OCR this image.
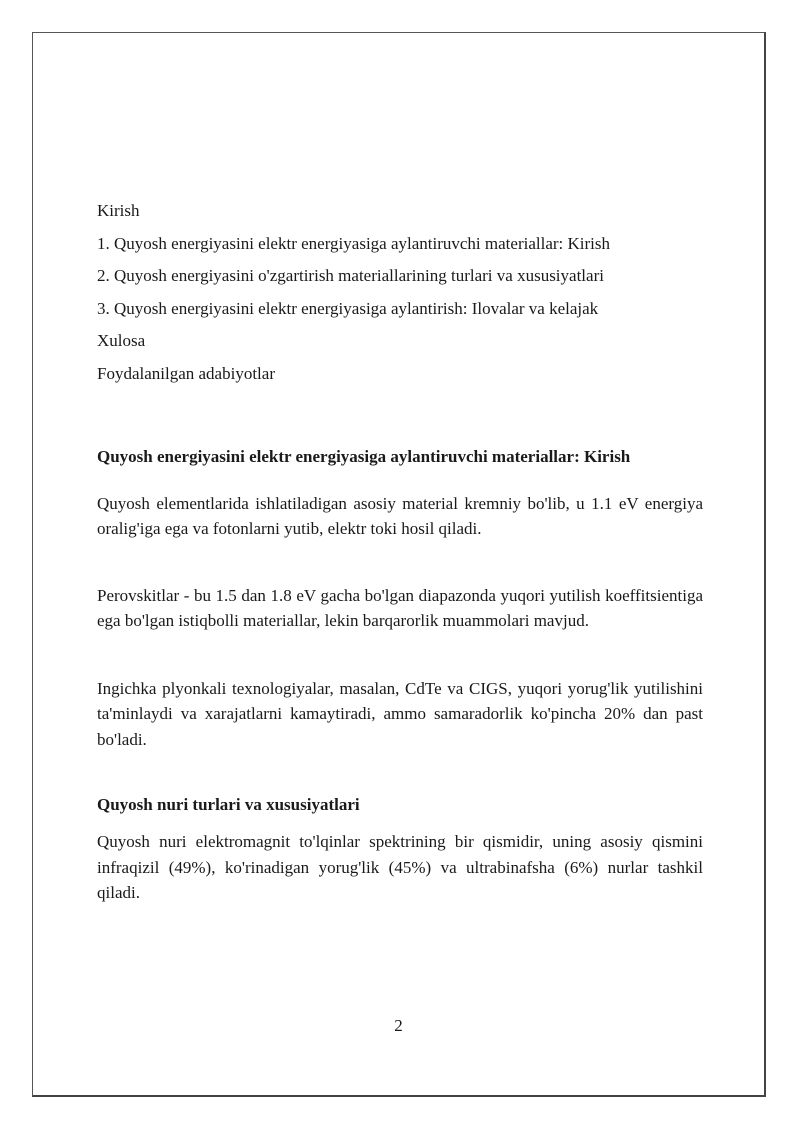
Kirish

1. Quyosh energiyasini elektr energiyasiga aylantiruvchi materiallar: Kirish

2. Quyosh energiyasini o'zgartirish materiallarining turlari va xususiyatlari

3. Quyosh energiyasini elektr energiyasiga aylantirish: Ilovalar va kelajak

Xulosa

Foydalanilgan adabiyotlar

Quyosh energiyasini elektr energiyasiga aylantiruvchi materiallar: Kirish

Quyosh elementlarida ishlatiladigan asosiy material kremniy bo'lib, u 1.1 eV energiya oralig'iga ega va fotonlarni yutib, elektr toki hosil qiladi.

Perovskitlar - bu 1.5 dan 1.8 eV gacha bo'lgan diapazonda yuqori yutilish koeffitsientiga ega bo'lgan istiqbolli materiallar, lekin barqarorlik muammolari mavjud.

Ingichka plyonkali texnologiyalar, masalan, CdTe va CIGS, yuqori yorug'lik yutilishini ta'minlaydi va xarajatlarni kamaytiradi, ammo samaradorlik ko'pincha 20% dan past bo'ladi.

Quyosh nuri turlari va xususiyatlari

Quyosh nuri elektromagnit to'lqinlar spektrining bir qismidir, uning asosiy qismini infraqizil (49%), ko'rinadigan yorug'lik (45%) va ultrabinafsha (6%) nurlar tashkil qiladi.

2
